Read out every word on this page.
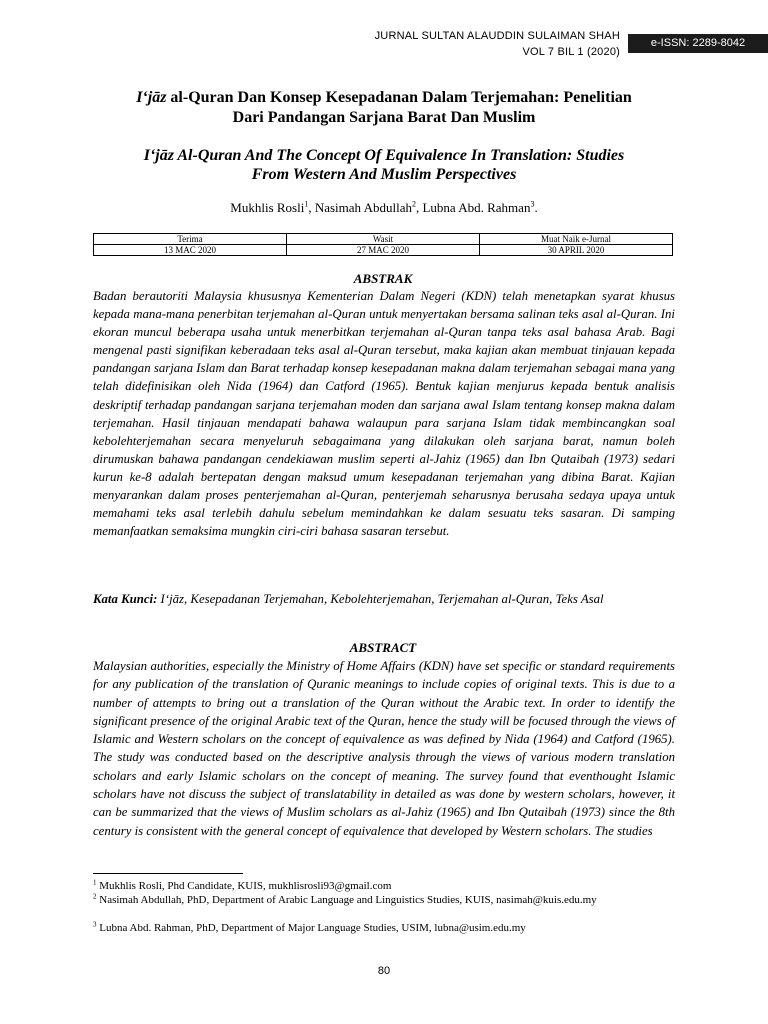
JURNAL SULTAN ALAUDDIN SULAIMAN SHAH
VOL 7 BIL 1 (2020)
e-ISSN: 2289-8042
Iʻjāz al-Quran Dan Konsep Kesepadanan Dalam Terjemahan: Penelitian
Dari Pandangan Sarjana Barat Dan Muslim
Iʻjāz Al-Quran And The Concept Of Equivalence In Translation: Studies
From Western And Muslim Perspectives
Mukhlis Rosli$^1$, Nasimah Abdullah$^2$, Lubna Abd. Rahman$^3$.
Terima	Wasit	Muat Naik e-Jurnal
13 MAC 2020	27 MAC 2020	30 APRIL 2020
ABSTRAK
Badan berautoriti Malaysia khususnya Kementerian Dalam Negeri (KDN) telah menetapkan syarat khusus kepada mana-mana penerbitan terjemahan al-Quran untuk menyertakan bersama salinan teks asal al-Quran. Ini ekoran muncul beberapa usaha untuk menerbitkan terjemahan al-Quran tanpa teks asal bahasa Arab. Bagi mengenal pasti signifikan keberadaan teks asal al-Quran tersebut, maka kajian akan membuat tinjauan kepada pandangan sarjana Islam dan Barat terhadap konsep kesepadanan makna dalam terjemahan sebagai mana yang telah didefinisikan oleh Nida (1964) dan Catford (1965). Bentuk kajian menjurus kepada bentuk analisis deskriptif terhadap pandangan sarjana terjemahan moden dan sarjana awal Islam tentang konsep makna dalam terjemahan. Hasil tinjauan mendapati bahawa walaupun para sarjana Islam tidak membincangkan soal kebolehterjemahan secara menyeluruh sebagaimana yang dilakukan oleh sarjana barat, namun boleh dirumuskan bahawa pandangan cendekiawan muslim seperti al-Jahiz (1965) dan Ibn Qutaibah (1973) sedari kurun ke-8 adalah bertepatan dengan maksud umum kesepadanan terjemahan yang dibina Barat. Kajian menyarankan dalam proses penterjemahan al-Quran, penterjemah seharusnya berusaha sedaya upaya untuk memahami teks asal terlebih dahulu sebelum memindahkan ke dalam sesuatu teks sasaran. Di samping memanfaatkan semaksima mungkin ciri-ciri bahasa sasaran tersebut.
Kata Kunci: Iʻjāz, Kesepadanan Terjemahan, Kebolehterjemahan, Terjemahan al-Quran, Teks Asal
ABSTRACT
Malaysian authorities, especially the Ministry of Home Affairs (KDN) have set specific or standard requirements for any publication of the translation of Quranic meanings to include copies of original texts. This is due to a number of attempts to bring out a translation of the Quran without the Arabic text. In order to identify the significant presence of the original Arabic text of the Quran, hence the study will be focused through the views of Islamic and Western scholars on the concept of equivalence as was defined by Nida (1964) and Catford (1965). The study was conducted based on the descriptive analysis through the views of various modern translation scholars and early Islamic scholars on the concept of meaning. The survey found that eventhought Islamic scholars have not discuss the subject of translatability in detailed as was done by western scholars, however, it can be summarized that the views of Muslim scholars as al-Jahiz (1965) and Ibn Qutaibah (1973) since the 8th century is consistent with the general concept of equivalence that developed by Western scholars. The studies
$^1$ Mukhlis Rosli, Phd Candidate, KUIS, mukhlisrosli93@gmail.com
$^2$ Nasimah Abdullah, PhD, Department of Arabic Language and Linguistics Studies, KUIS, nasimah@kuis.edu.my
$^3$ Lubna Abd. Rahman, PhD, Department of Major Language Studies, USIM, lubna@usim.edu.my
80
